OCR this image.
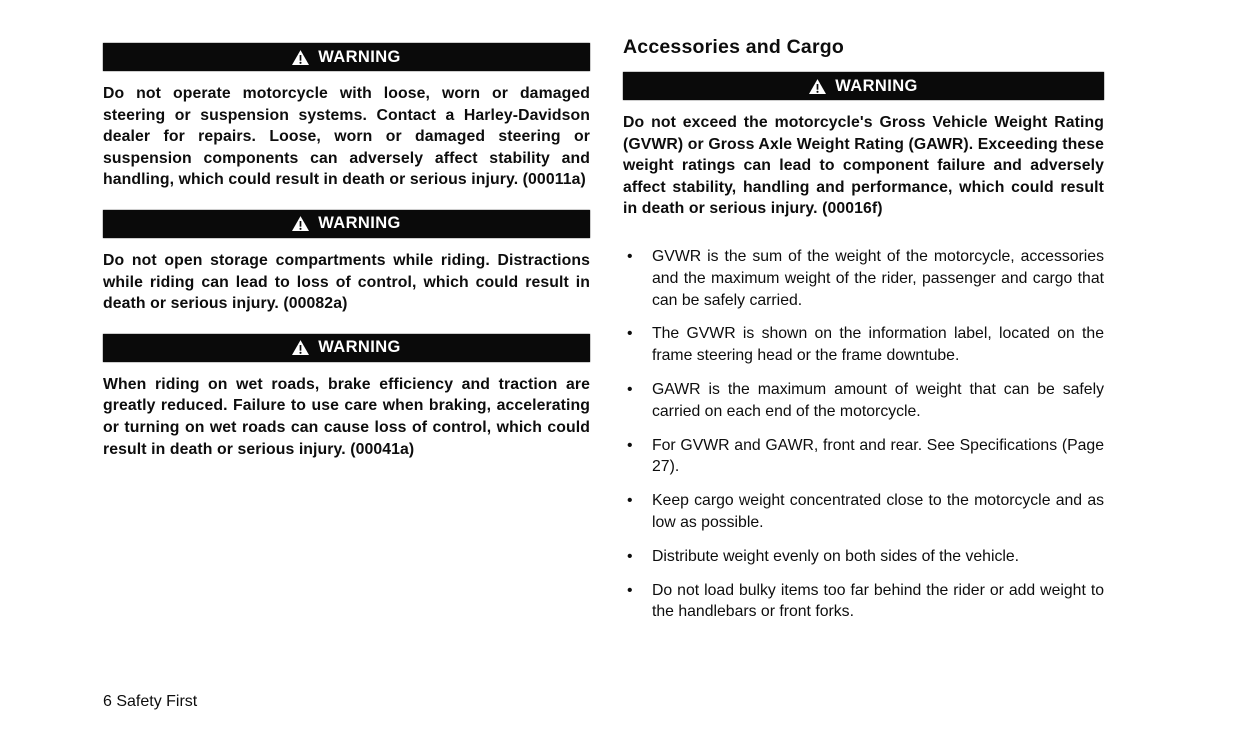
WARNING

Do not operate motorcycle with loose, worn or damaged steering or suspension systems. Contact a Harley-Davidson dealer for repairs. Loose, worn or damaged steering or suspension components can adversely affect stability and handling, which could result in death or serious injury. (00011a)

WARNING

Do not open storage compartments while riding. Distractions while riding can lead to loss of control, which could result in death or serious injury. (00082a)

WARNING

When riding on wet roads, brake efficiency and traction are greatly reduced. Failure to use care when braking, accelerating or turning on wet roads can cause loss of control, which could result in death or serious injury. (00041a)

Accessories and Cargo
WARNING

Do not exceed the motorcycle's Gross Vehicle Weight Rating (GVWR) or Gross Axle Weight Rating (GAWR). Exceeding these weight ratings can lead to component failure and adversely affect stability, handling and performance, which could result in death or serious injury. (00016f)

•	GVWR is the sum of the weight of the motorcycle, accessories and the maximum weight of the rider, passenger and cargo that can be safely carried.
•	The GVWR is shown on the information label, located on the frame steering head or the frame downtube.
•	GAWR is the maximum amount of weight that can be safely carried on each end of the motorcycle.
•	For GVWR and GAWR, front and rear. See Specifications (Page 27).
•	Keep cargo weight concentrated close to the motorcycle and as low as possible.
•	Distribute weight evenly on both sides of the vehicle.
•	Do not load bulky items too far behind the rider or add weight to the handlebars or front forks.
6 Safety First
